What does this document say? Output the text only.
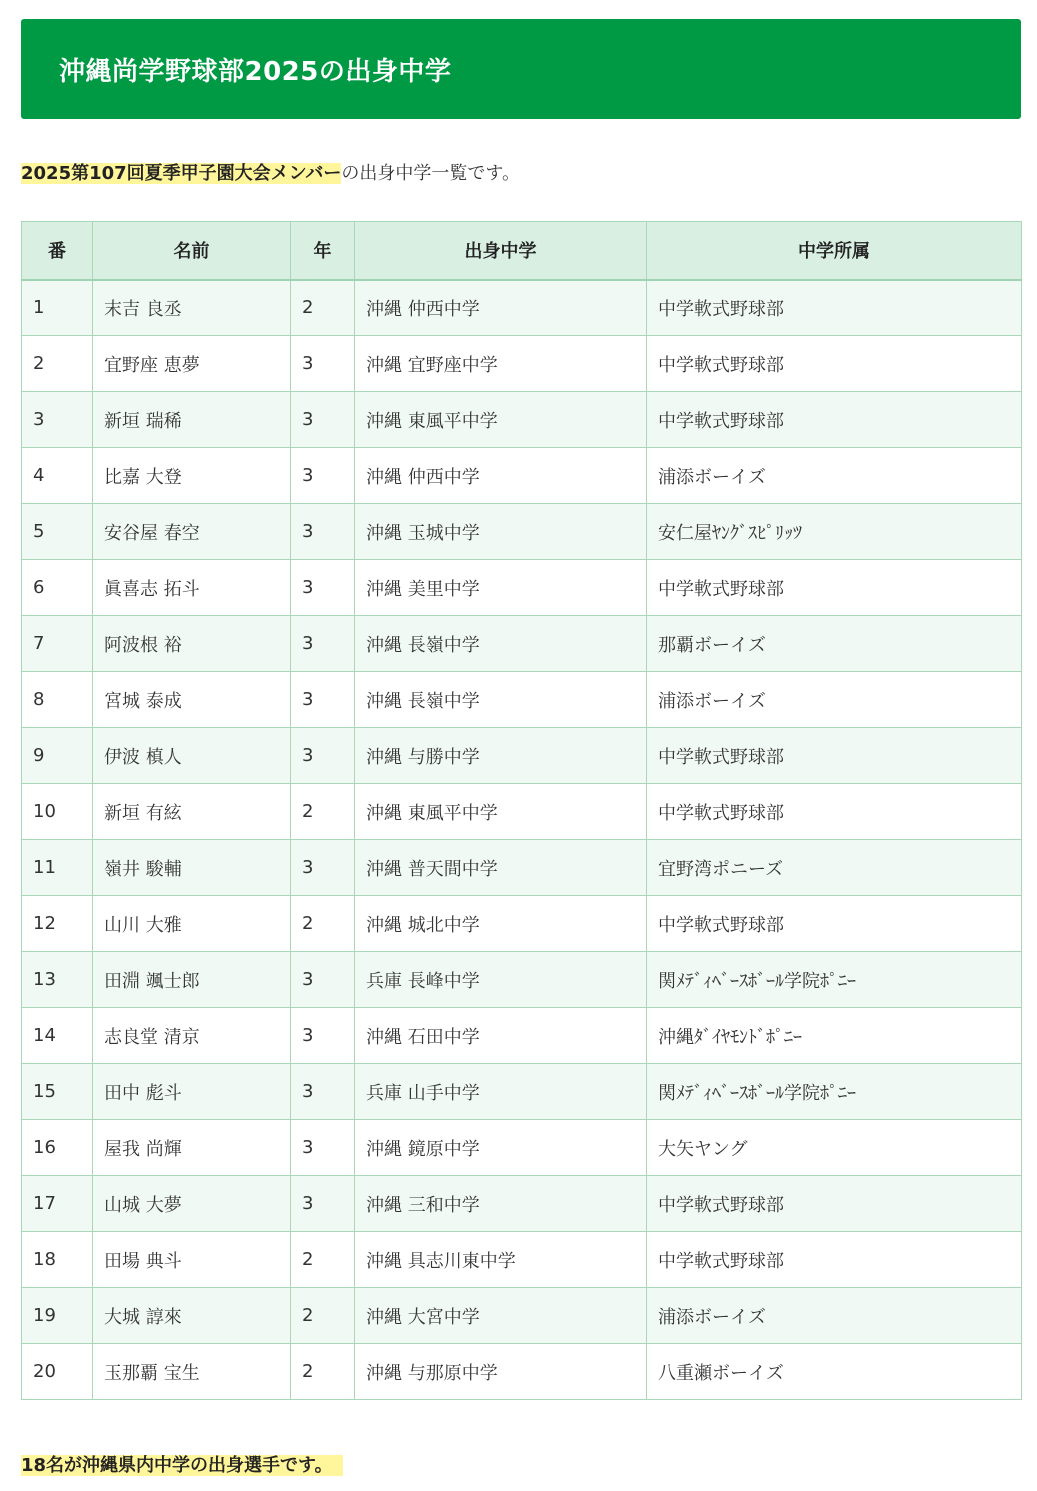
沖縄尚学野球部2025の出身中学

2025第107回夏季甲子園大会メンバーの出身中学一覧です。

番	名前	年	出身中学	中学所属
1	末吉 良丞	2	沖縄 仲西中学	中学軟式野球部
2	宜野座 恵夢	3	沖縄 宜野座中学	中学軟式野球部
3	新垣 瑞稀	3	沖縄 東風平中学	中学軟式野球部
4	比嘉 大登	3	沖縄 仲西中学	浦添ボーイズ
5	安谷屋 春空	3	沖縄 玉城中学	安仁屋ﾔﾝｸﾞｽﾋﾟﾘｯﾂ
6	眞喜志 拓斗	3	沖縄 美里中学	中学軟式野球部
7	阿波根 裕	3	沖縄 長嶺中学	那覇ボーイズ
8	宮城 泰成	3	沖縄 長嶺中学	浦添ボーイズ
9	伊波 槙人	3	沖縄 与勝中学	中学軟式野球部
10	新垣 有絃	2	沖縄 東風平中学	中学軟式野球部
11	嶺井 駿輔	3	沖縄 普天間中学	宜野湾ポニーズ
12	山川 大雅	2	沖縄 城北中学	中学軟式野球部
13	田淵 颯士郎	3	兵庫 長峰中学	関ﾒﾃﾞｨﾍﾞｰｽﾎﾞｰﾙ学院ﾎﾟﾆｰ
14	志良堂 清京	3	沖縄 石田中学	沖縄ﾀﾞｲﾔﾓﾝﾄﾞﾎﾟﾆｰ
15	田中 彪斗	3	兵庫 山手中学	関ﾒﾃﾞｨﾍﾞｰｽﾎﾞｰﾙ学院ﾎﾟﾆｰ
16	屋我 尚輝	3	沖縄 鏡原中学	大矢ヤング
17	山城 大夢	3	沖縄 三和中学	中学軟式野球部
18	田場 典斗	2	沖縄 具志川東中学	中学軟式野球部
19	大城 諄來	2	沖縄 大宮中学	浦添ボーイズ
20	玉那覇 宝生	2	沖縄 与那原中学	八重瀬ボーイズ

18名が沖縄県内中学の出身選手です。
